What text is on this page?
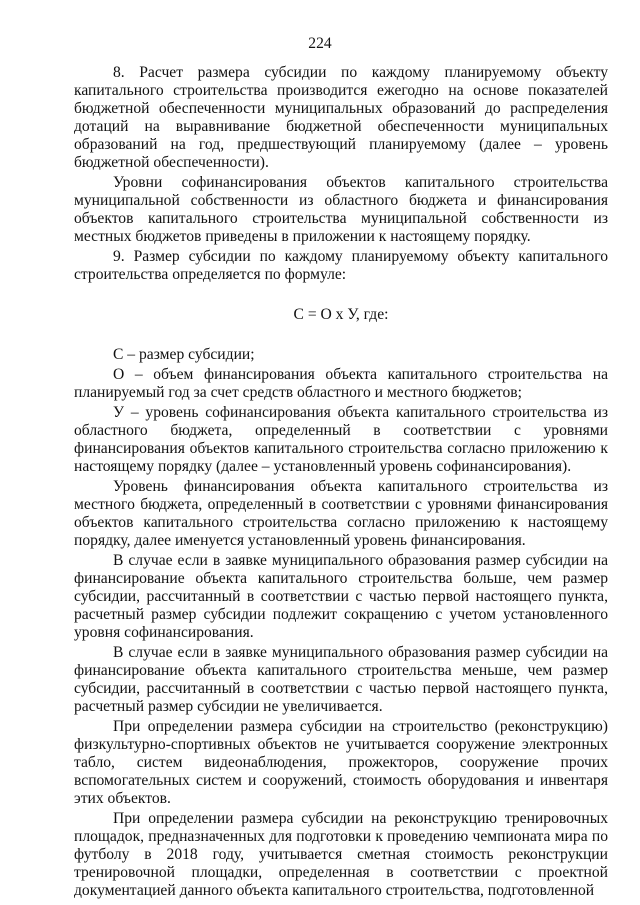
224

8. Расчет размера субсидии по каждому планируемому объекту капитального строительства производится ежегодно на основе показателей бюджетной обеспеченности муниципальных образований до распределения дотаций на выравнивание бюджетной обеспеченности муниципальных образований на год, предшествующий планируемому (далее – уровень бюджетной обеспеченности).

Уровни софинансирования объектов капитального строительства муниципальной собственности из областного бюджета и финансирования объектов капитального строительства муниципальной собственности из местных бюджетов приведены в приложении к настоящему порядку.

9. Размер субсидии по каждому планируемому объекту капитального строительства определяется по формуле:

С = О х У, где:

С – размер субсидии;

О – объем финансирования объекта капитального строительства на планируемый год за счет средств областного и местного бюджетов;

У – уровень софинансирования объекта капитального строительства из областного бюджета, определенный в соответствии с уровнями финансирования объектов капитального строительства согласно приложению к настоящему порядку (далее – установленный уровень софинансирования).

Уровень финансирования объекта капитального строительства из местного бюджета, определенный в соответствии с уровнями финансирования объектов капитального строительства согласно приложению к настоящему порядку, далее именуется установленный уровень финансирования.

В случае если в заявке муниципального образования размер субсидии на финансирование объекта капитального строительства больше, чем размер субсидии, рассчитанный в соответствии с частью первой настоящего пункта, расчетный размер субсидии подлежит сокращению с учетом установленного уровня софинансирования.

В случае если в заявке муниципального образования размер субсидии на финансирование объекта капитального строительства меньше, чем размер субсидии, рассчитанный в соответствии с частью первой настоящего пункта, расчетный размер субсидии не увеличивается.

При определении размера субсидии на строительство (реконструкцию) физкультурно-спортивных объектов не учитывается сооружение электронных табло, систем видеонаблюдения, прожекторов, сооружение прочих вспомогательных систем и сооружений, стоимость оборудования и инвентаря этих объектов.

При определении размера субсидии на реконструкцию тренировочных площадок, предназначенных для подготовки к проведению чемпионата мира по футболу в 2018 году, учитывается сметная стоимость реконструкции тренировочной площадки, определенная в соответствии с проектной документацией данного объекта капитального строительства, подготовленной
